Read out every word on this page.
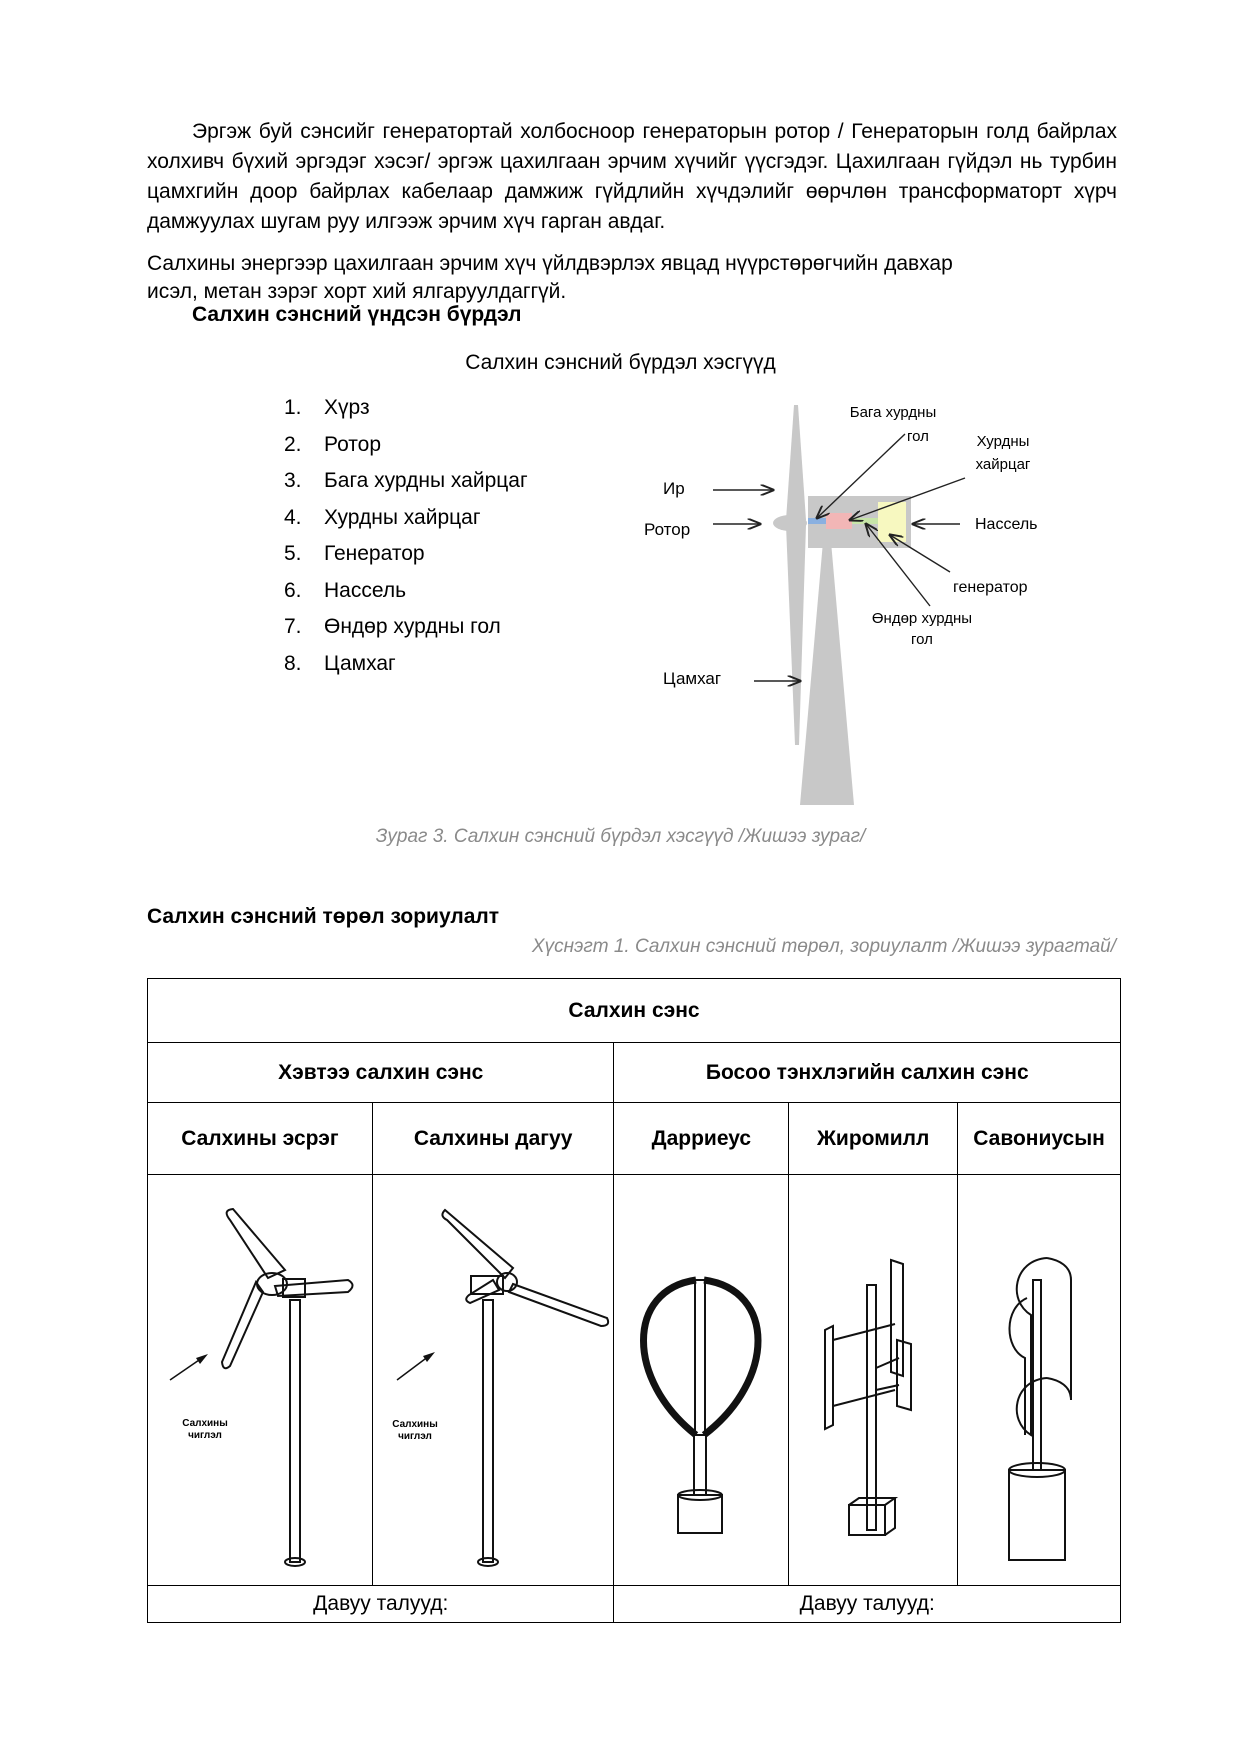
Эргэж буй сэнсийг генератортай холбосноор генераторын ротор / Генераторын голд байрлах холхивч бүхий эргэдэг хэсэг/ эргэж цахилгаан эрчим хүчийг үүсгэдэг. Цахилгаан гүйдэл нь турбин цамхгийн доор байрлах кабелаар дамжиж гүйдлийн хүчдэлийг өөрчлөн трансформаторт хүрч дамжуулах шугам руу илгээж эрчим хүч гарган авдаг.

Салхины энергээр цахилгаан эрчим хүч үйлдвэрлэх явцад нүүрстөрөгчийн давхар
исэл, метан зэрэг хорт хий ялгаруулдаггүй.

Салхин сэнсний үндсэн бүрдэл

Салхин сэнсний бүрдэл хэсгүүд

1. Хүрз
2. Ротор
3. Бага хурдны хайрцаг
4. Хурдны хайрцаг
5. Генератор
6. Нассель
7. Өндөр хурдны гол
8. Цамхаг
Бага хурдны
гол	Хурдны
хайрцаг
Ир
Ротор	Нассель
генератор
Өндөр хурдны
гол
Цамхаг

Зураг 3. Салхин сэнсний бүрдэл хэсгүүд /Жишээ зураг/

Салхин сэнсний төрөл зориулалт

Хүснэгт 1. Салхин сэнсний төрөл, зориулалт /Жишээ зурагтай/

Салхин сэнс				
Хэвтээ салхин сэнс		Босоо тэнхлэгийн салхин сэнс		
Салхины эсрэг	Салхины дагуу	Дарриеус	Жиромилл	Савониусын

Салхины
чиглэл	Салхины
чиглэл

Давуу талууд:		Давуу талууд:		
